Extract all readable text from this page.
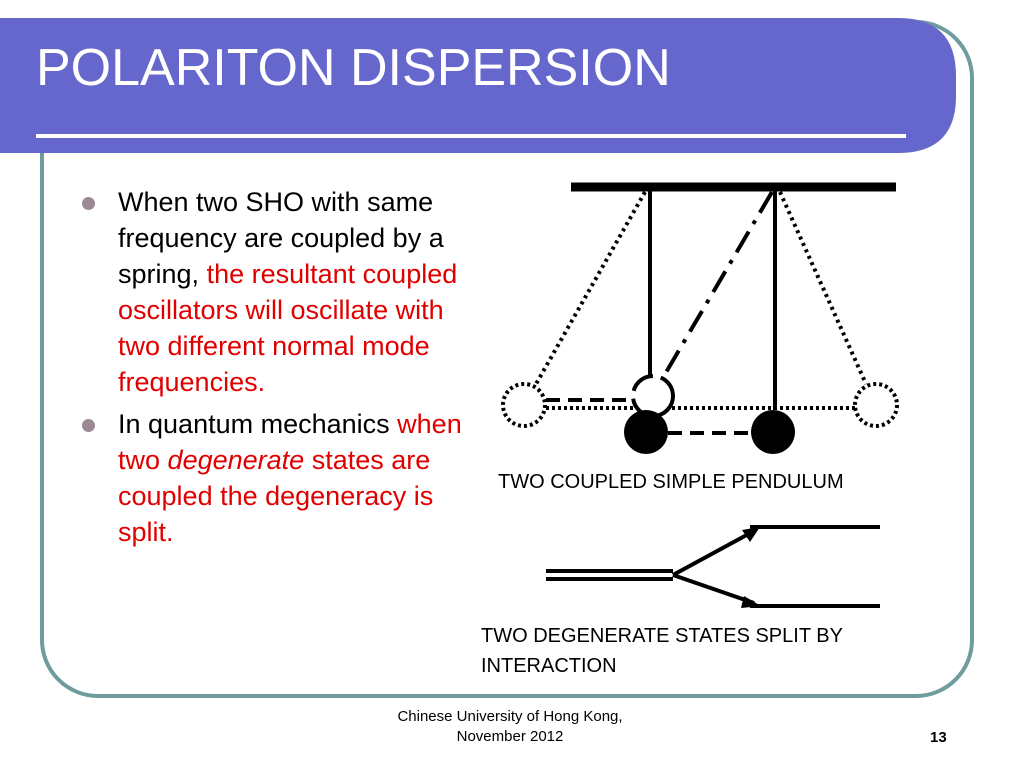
POLARITON DISPERSION
When two SHO with same frequency are coupled by a spring, the resultant coupled oscillators will oscillate with two different normal mode frequencies.
In quantum mechanics when two degenerate states are coupled the degeneracy is split.
TWO COUPLED SIMPLE PENDULUM
TWO DEGENERATE STATES SPLIT BY
INTERACTION
Chinese University of Hong Kong,
November 2012	13
